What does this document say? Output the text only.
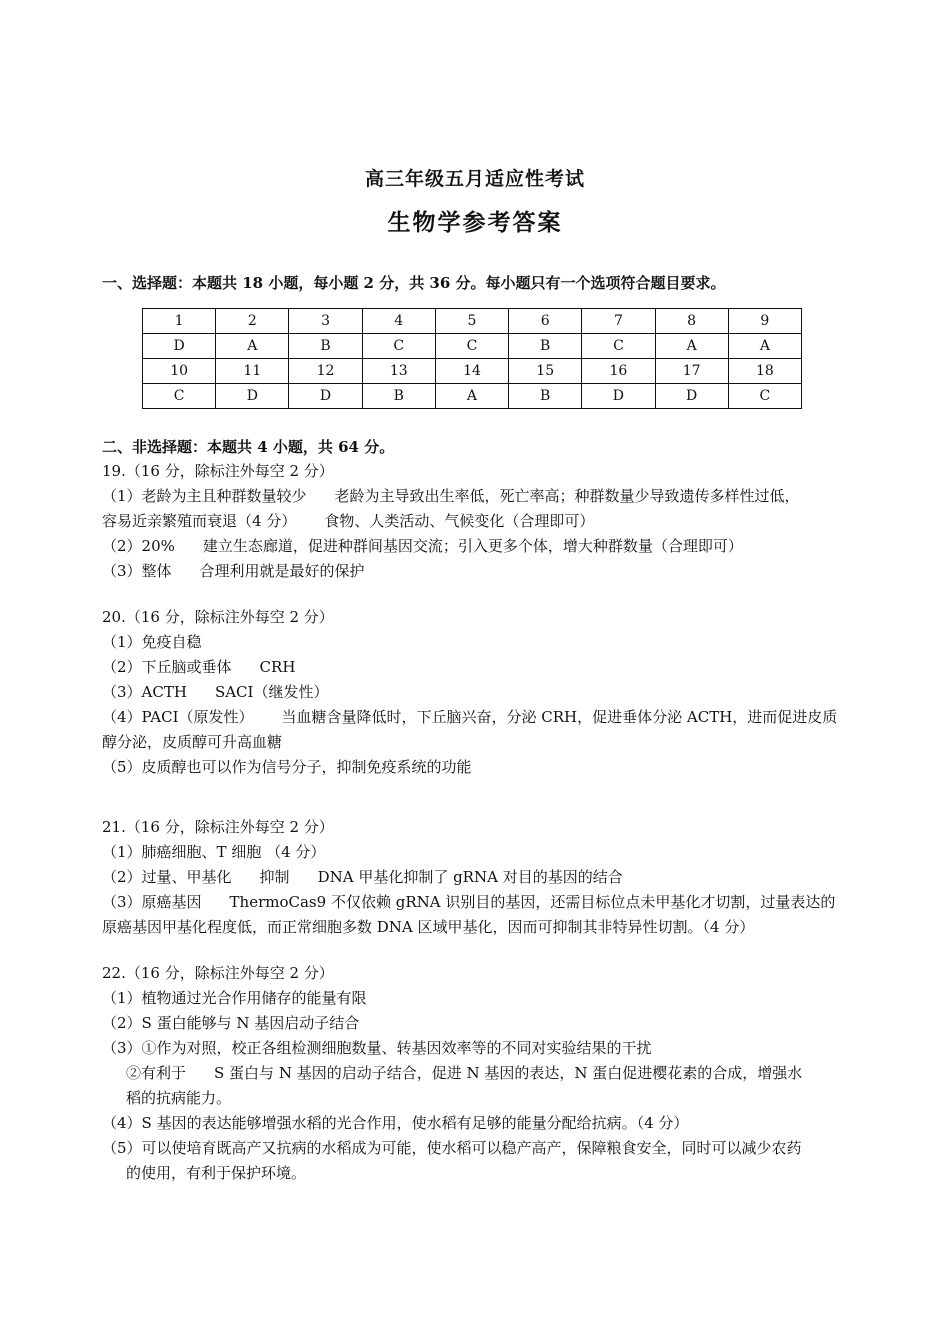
高三年级五月适应性考试
生物学参考答案
一、选择题：本题共 18 小题，每小题 2 分，共 36 分。每小题只有一个选项符合题目要求。
1	2	3	4	5	6	7	8	9
D	A	B	C	C	B	C	A	A
10	11	12	13	14	15	16	17	18
C	D	D	B	A	B	D	D	C
二、非选择题：本题共 4 小题，共 64 分。
19.（16 分，除标注外每空 2 分）
（1）老龄为主且种群数量较少 老龄为主导致出生率低，死亡率高；种群数量少导致遗传多样性过低，
容易近亲繁殖而衰退（4 分） 食物、人类活动、气候变化（合理即可）
（2）20% 建立生态廊道，促进种群间基因交流；引入更多个体，增大种群数量（合理即可）
（3）整体 合理利用就是最好的保护
20.（16 分，除标注外每空 2 分）
（1）免疫自稳
（2）下丘脑或垂体 CRH
（3）ACTH SACI（继发性）
（4）PACI（原发性） 当血糖含量降低时，下丘脑兴奋，分泌 CRH，促进垂体分泌 ACTH，进而促进皮质
醇分泌，皮质醇可升高血糖
（5）皮质醇也可以作为信号分子，抑制免疫系统的功能
21.（16 分，除标注外每空 2 分）
（1）肺癌细胞、T 细胞 （4 分）
（2）过量、甲基化 抑制 DNA 甲基化抑制了 gRNA 对目的基因的结合
（3）原癌基因 ThermoCas9 不仅依赖 gRNA 识别目的基因，还需目标位点未甲基化才切割，过量表达的
原癌基因甲基化程度低，而正常细胞多数 DNA 区域甲基化，因而可抑制其非特异性切割。（4 分）
22.（16 分，除标注外每空 2 分）
（1）植物通过光合作用储存的能量有限
（2）S 蛋白能够与 N 基因启动子结合
（3）①作为对照，校正各组检测细胞数量、转基因效率等的不同对实验结果的干扰
②有利于 S 蛋白与 N 基因的启动子结合，促进 N 基因的表达，N 蛋白促进樱花素的合成，增强水
稻的抗病能力。
（4）S 基因的表达能够增强水稻的光合作用，使水稻有足够的能量分配给抗病。（4 分）
（5）可以使培育既高产又抗病的水稻成为可能，使水稻可以稳产高产，保障粮食安全，同时可以减少农药
的使用，有利于保护环境。
